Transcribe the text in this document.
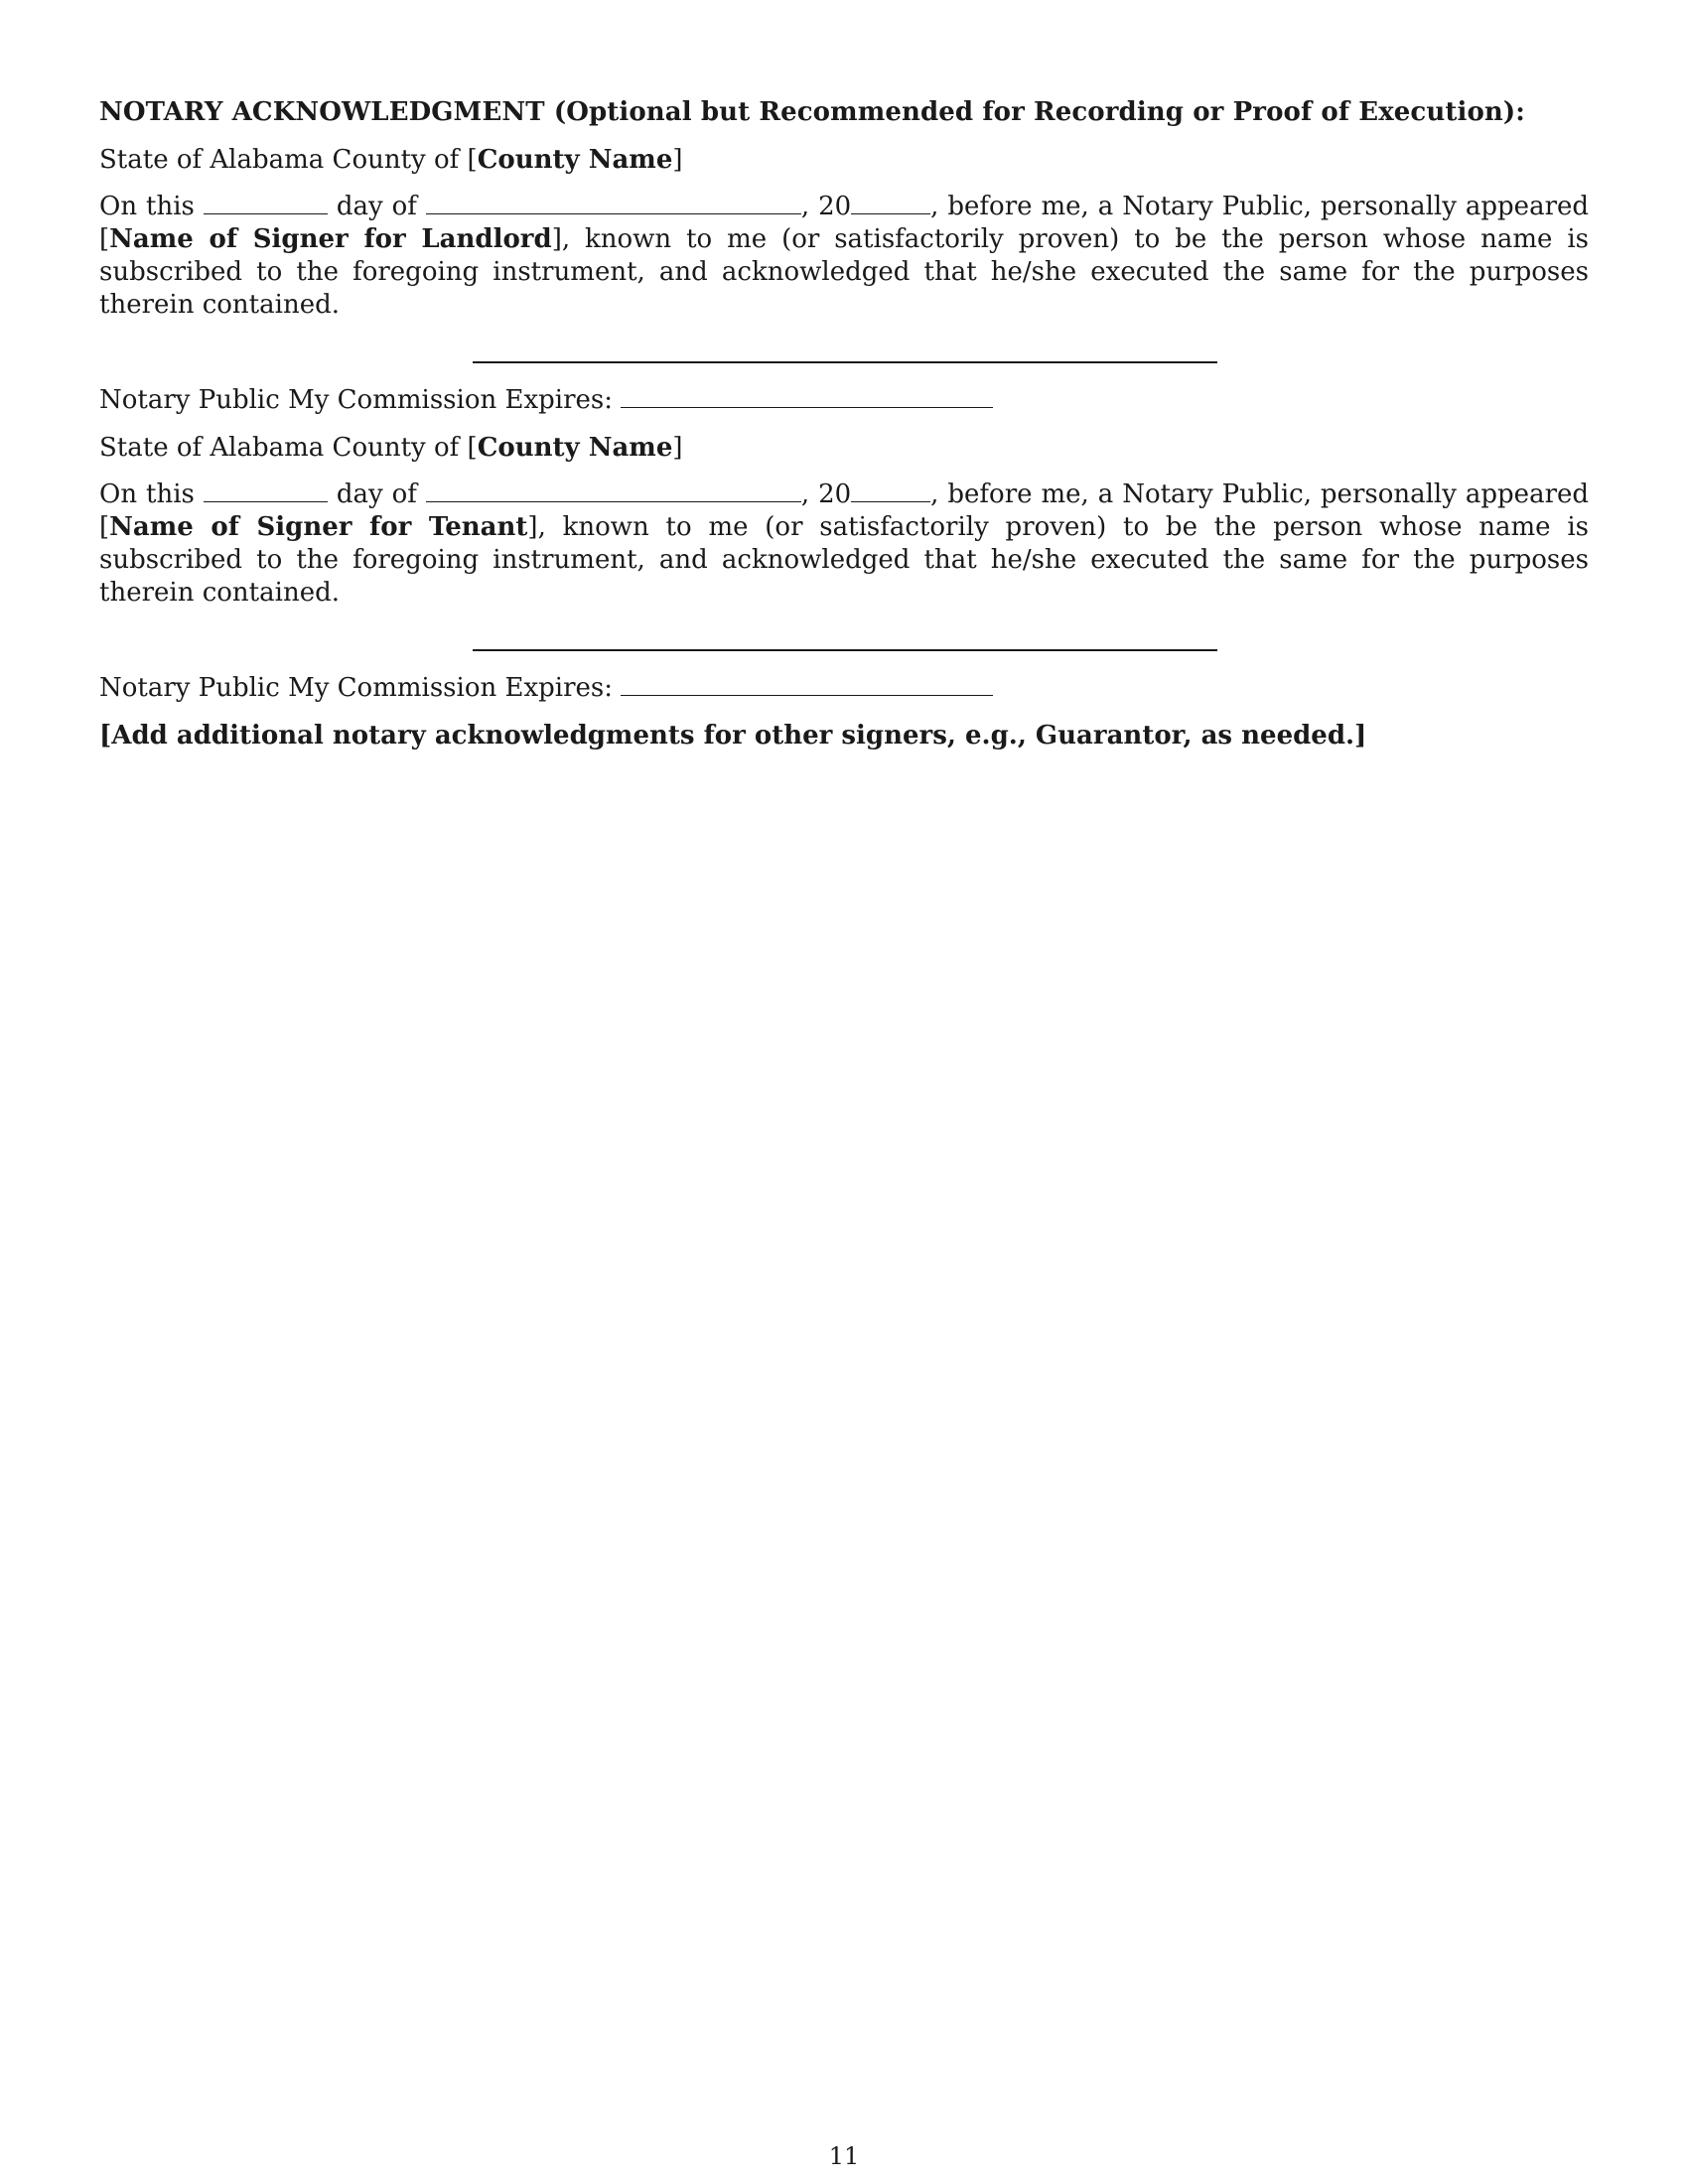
NOTARY ACKNOWLEDGMENT (Optional but Recommended for Recording or Proof of Execution):
State of Alabama County of [County Name]

On this	day of	, 20	, before me, a Notary Public, personally appeared [Name of Signer for Landlord], known to me (or satisfactorily proven) to be the person whose name is subscribed to the foregoing instrument, and acknowledged that he/she executed the same for the purposes therein contained.

Notary Public My Commission Expires:
State of Alabama County of [County Name]

On this	day of	, 20	, before me, a Notary Public, personally appeared [Name of Signer for Tenant], known to me (or satisfactorily proven) to be the person whose name is subscribed to the foregoing instrument, and acknowledged that he/she executed the same for the purposes therein contained.

Notary Public My Commission Expires:

[Add additional notary acknowledgments for other signers, e.g., Guarantor, as needed.]

11
